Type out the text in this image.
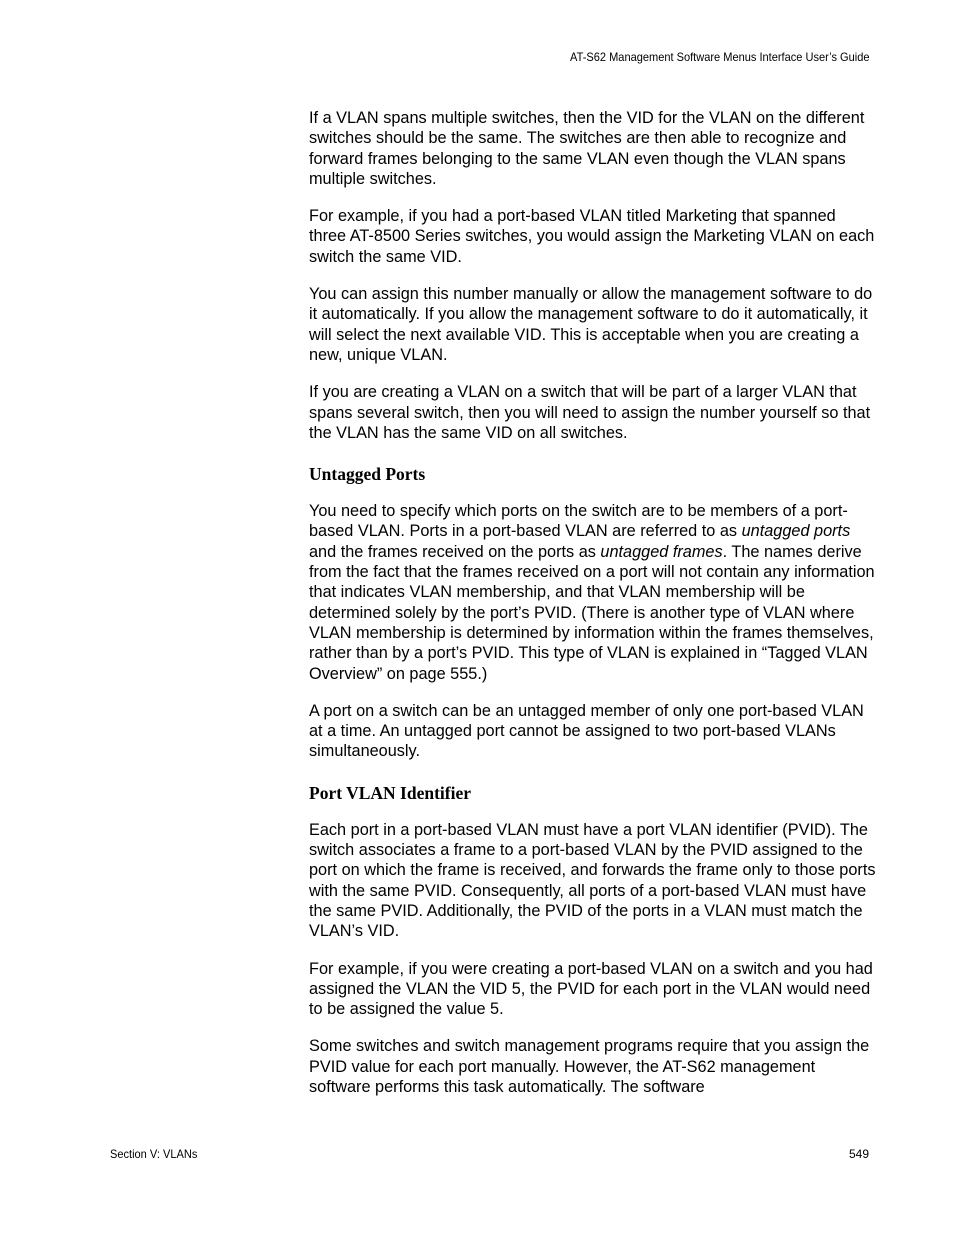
AT-S62 Management Software Menus Interface User’s Guide

If a VLAN spans multiple switches, then the VID for the VLAN on the different switches should be the same. The switches are then able to recognize and forward frames belonging to the same VLAN even though the VLAN spans multiple switches.

For example, if you had a port-based VLAN titled Marketing that spanned three AT-8500 Series switches, you would assign the Marketing VLAN on each switch the same VID.

You can assign this number manually or allow the management software to do it automatically. If you allow the management software to do it automatically, it will select the next available VID. This is acceptable when you are creating a new, unique VLAN.

If you are creating a VLAN on a switch that will be part of a larger VLAN that spans several switch, then you will need to assign the number yourself so that the VLAN has the same VID on all switches.

Untagged Ports

You need to specify which ports on the switch are to be members of a port-based VLAN. Ports in a port-based VLAN are referred to as untagged ports and the frames received on the ports as untagged frames. The names derive from the fact that the frames received on a port will not contain any information that indicates VLAN membership, and that VLAN membership will be determined solely by the port’s PVID. (There is another type of VLAN where VLAN membership is determined by information within the frames themselves, rather than by a port’s PVID. This type of VLAN is explained in “Tagged VLAN Overview” on page 555.)

A port on a switch can be an untagged member of only one port-based VLAN at a time. An untagged port cannot be assigned to two port-based VLANs simultaneously.

Port VLAN Identifier

Each port in a port-based VLAN must have a port VLAN identifier (PVID). The switch associates a frame to a port-based VLAN by the PVID assigned to the port on which the frame is received, and forwards the frame only to those ports with the same PVID. Consequently, all ports of a port-based VLAN must have the same PVID. Additionally, the PVID of the ports in a VLAN must match the VLAN’s VID.

For example, if you were creating a port-based VLAN on a switch and you had assigned the VLAN the VID 5, the PVID for each port in the VLAN would need to be assigned the value 5.

Some switches and switch management programs require that you assign the PVID value for each port manually. However, the AT-S62 management software performs this task automatically. The software

Section V: VLANs	549
